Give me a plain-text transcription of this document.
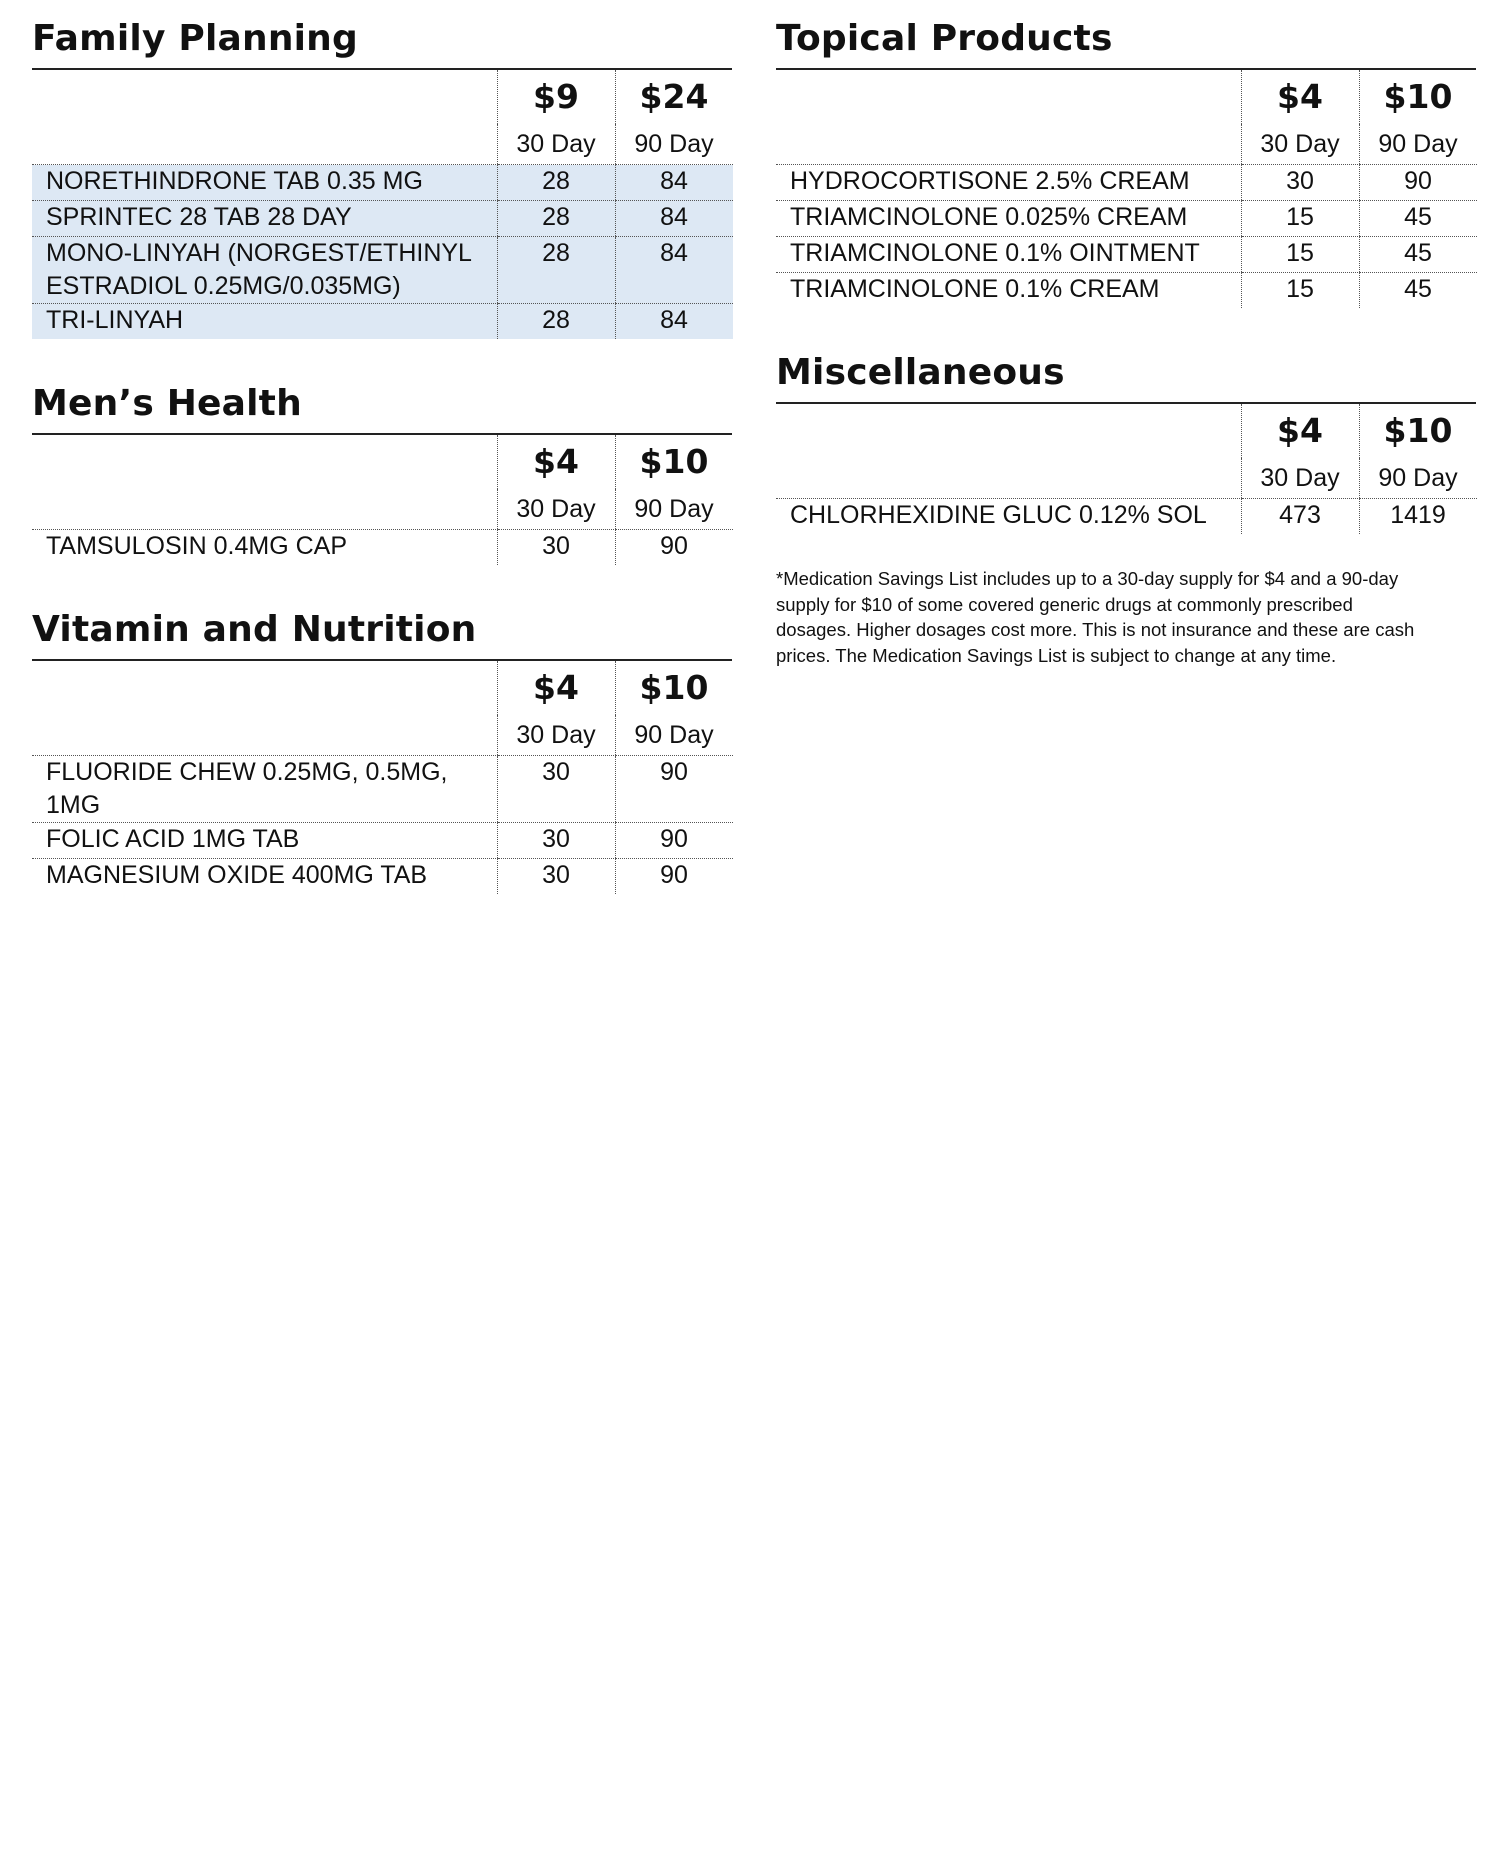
Family Planning
	$9	$24
	30 Day	90 Day
NORETHINDRONE TAB 0.35 MG	28	84
SPRINTEC 28 TAB 28 DAY	28	84
MONO-LINYAH (NORGEST/ETHINYL ESTRADIOL 0.25MG/0.035MG)	28	84
TRI-LINYAH	28	84
Men’s Health
	$4	$10
	30 Day	90 Day
TAMSULOSIN 0.4MG CAP	30	90
Vitamin and Nutrition
	$4	$10
	30 Day	90 Day
FLUORIDE CHEW 0.25MG, 0.5MG, 1MG	30	90
FOLIC ACID 1MG TAB	30	90
MAGNESIUM OXIDE 400MG TAB	30	90
Topical Products
	$4	$10
	30 Day	90 Day
HYDROCORTISONE 2.5% CREAM	30	90
TRIAMCINOLONE 0.025% CREAM	15	45
TRIAMCINOLONE 0.1% OINTMENT	15	45
TRIAMCINOLONE 0.1% CREAM	15	45
Miscellaneous
	$4	$10
	30 Day	90 Day
CHLORHEXIDINE GLUC 0.12% SOL	473	1419
*Medication Savings List includes up to a 30-day supply for $4 and a 90-day supply for $10 of some covered generic drugs at commonly prescribed dosages. Higher dosages cost more. This is not insurance and these are cash prices. The Medication Savings List is subject to change at any time.
